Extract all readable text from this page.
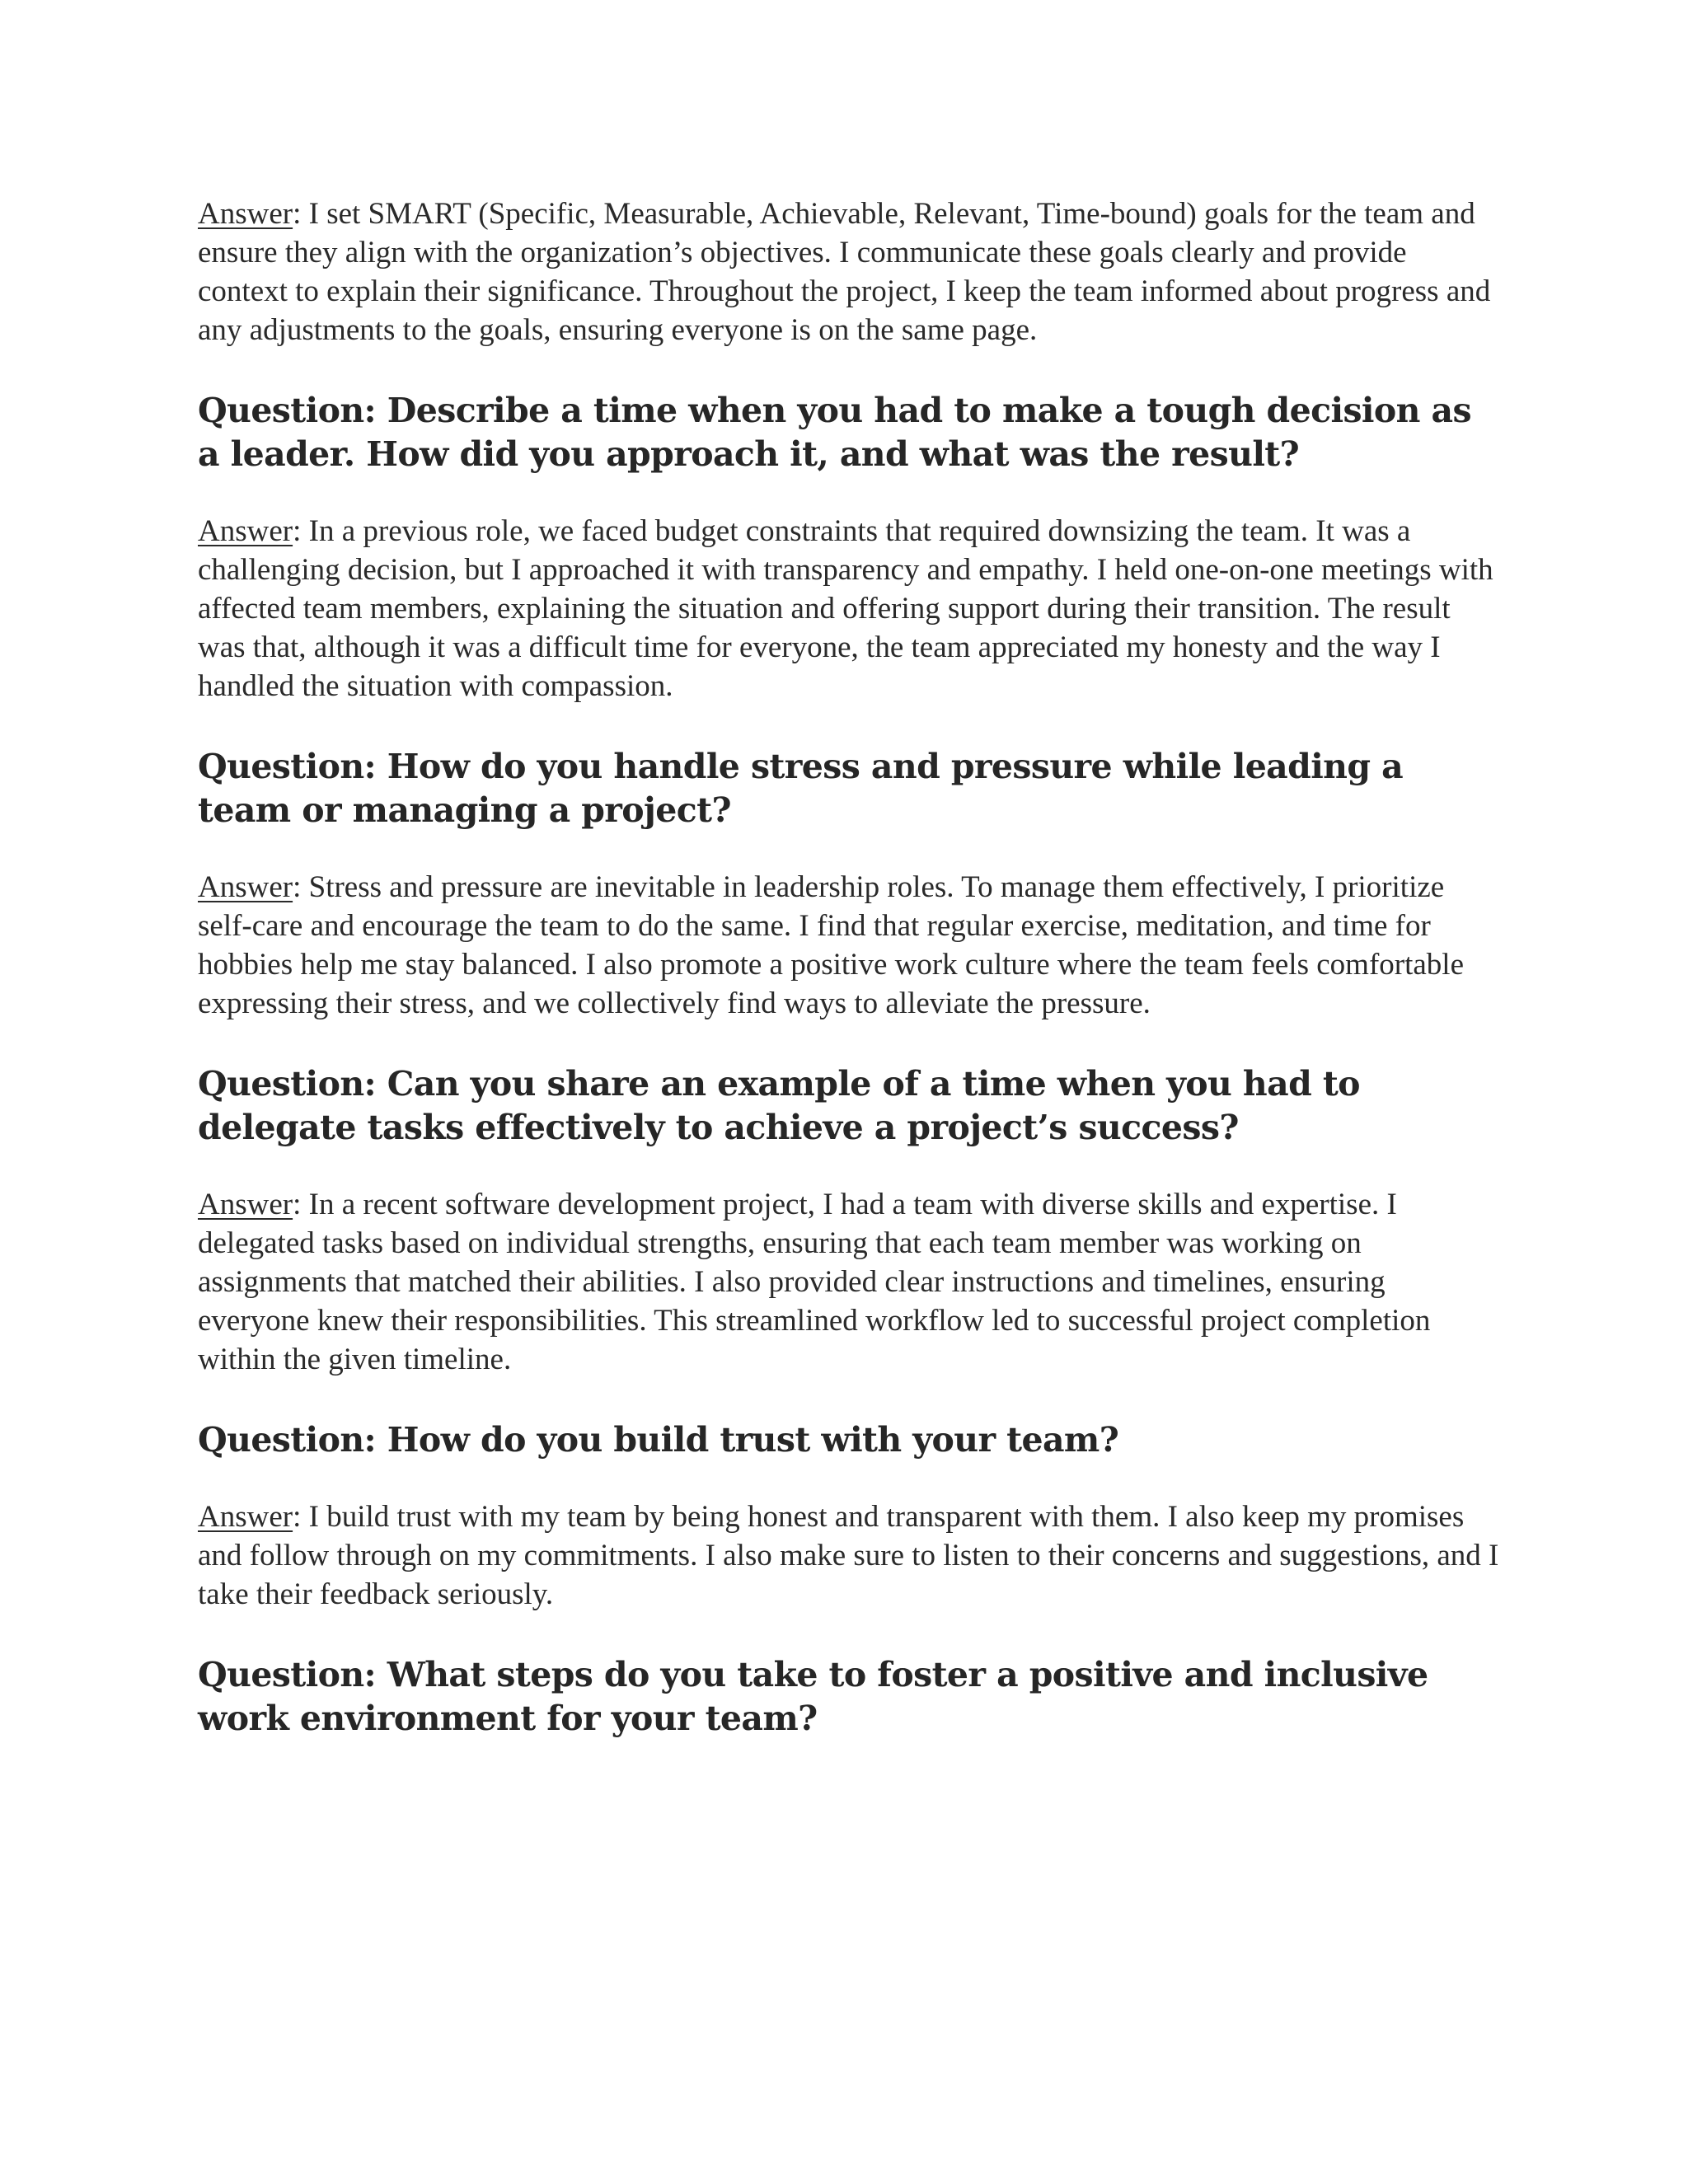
Answer: I set SMART (Specific, Measurable, Achievable, Relevant, Time-bound) goals for the team and ensure they align with the organization’s objectives. I communicate these goals clearly and provide context to explain their significance. Throughout the project, I keep the team informed about progress and any adjustments to the goals, ensuring everyone is on the same page.

Question: Describe a time when you had to make a tough decision as a leader. How did you approach it, and what was the result?

Answer: In a previous role, we faced budget constraints that required downsizing the team. It was a challenging decision, but I approached it with transparency and empathy. I held one-on-one meetings with affected team members, explaining the situation and offering support during their transition. The result was that, although it was a difficult time for everyone, the team appreciated my honesty and the way I handled the situation with compassion.

Question: How do you handle stress and pressure while leading a team or managing a project?

Answer: Stress and pressure are inevitable in leadership roles. To manage them effectively, I prioritize self-care and encourage the team to do the same. I find that regular exercise, meditation, and time for hobbies help me stay balanced. I also promote a positive work culture where the team feels comfortable expressing their stress, and we collectively find ways to alleviate the pressure.

Question: Can you share an example of a time when you had to delegate tasks effectively to achieve a project’s success?

Answer: In a recent software development project, I had a team with diverse skills and expertise. I delegated tasks based on individual strengths, ensuring that each team member was working on assignments that matched their abilities. I also provided clear instructions and timelines, ensuring everyone knew their responsibilities. This streamlined workflow led to successful project completion within the given timeline.

Question: How do you build trust with your team?

Answer: I build trust with my team by being honest and transparent with them. I also keep my promises and follow through on my commitments. I also make sure to listen to their concerns and suggestions, and I take their feedback seriously.

Question: What steps do you take to foster a positive and inclusive work environment for your team?
